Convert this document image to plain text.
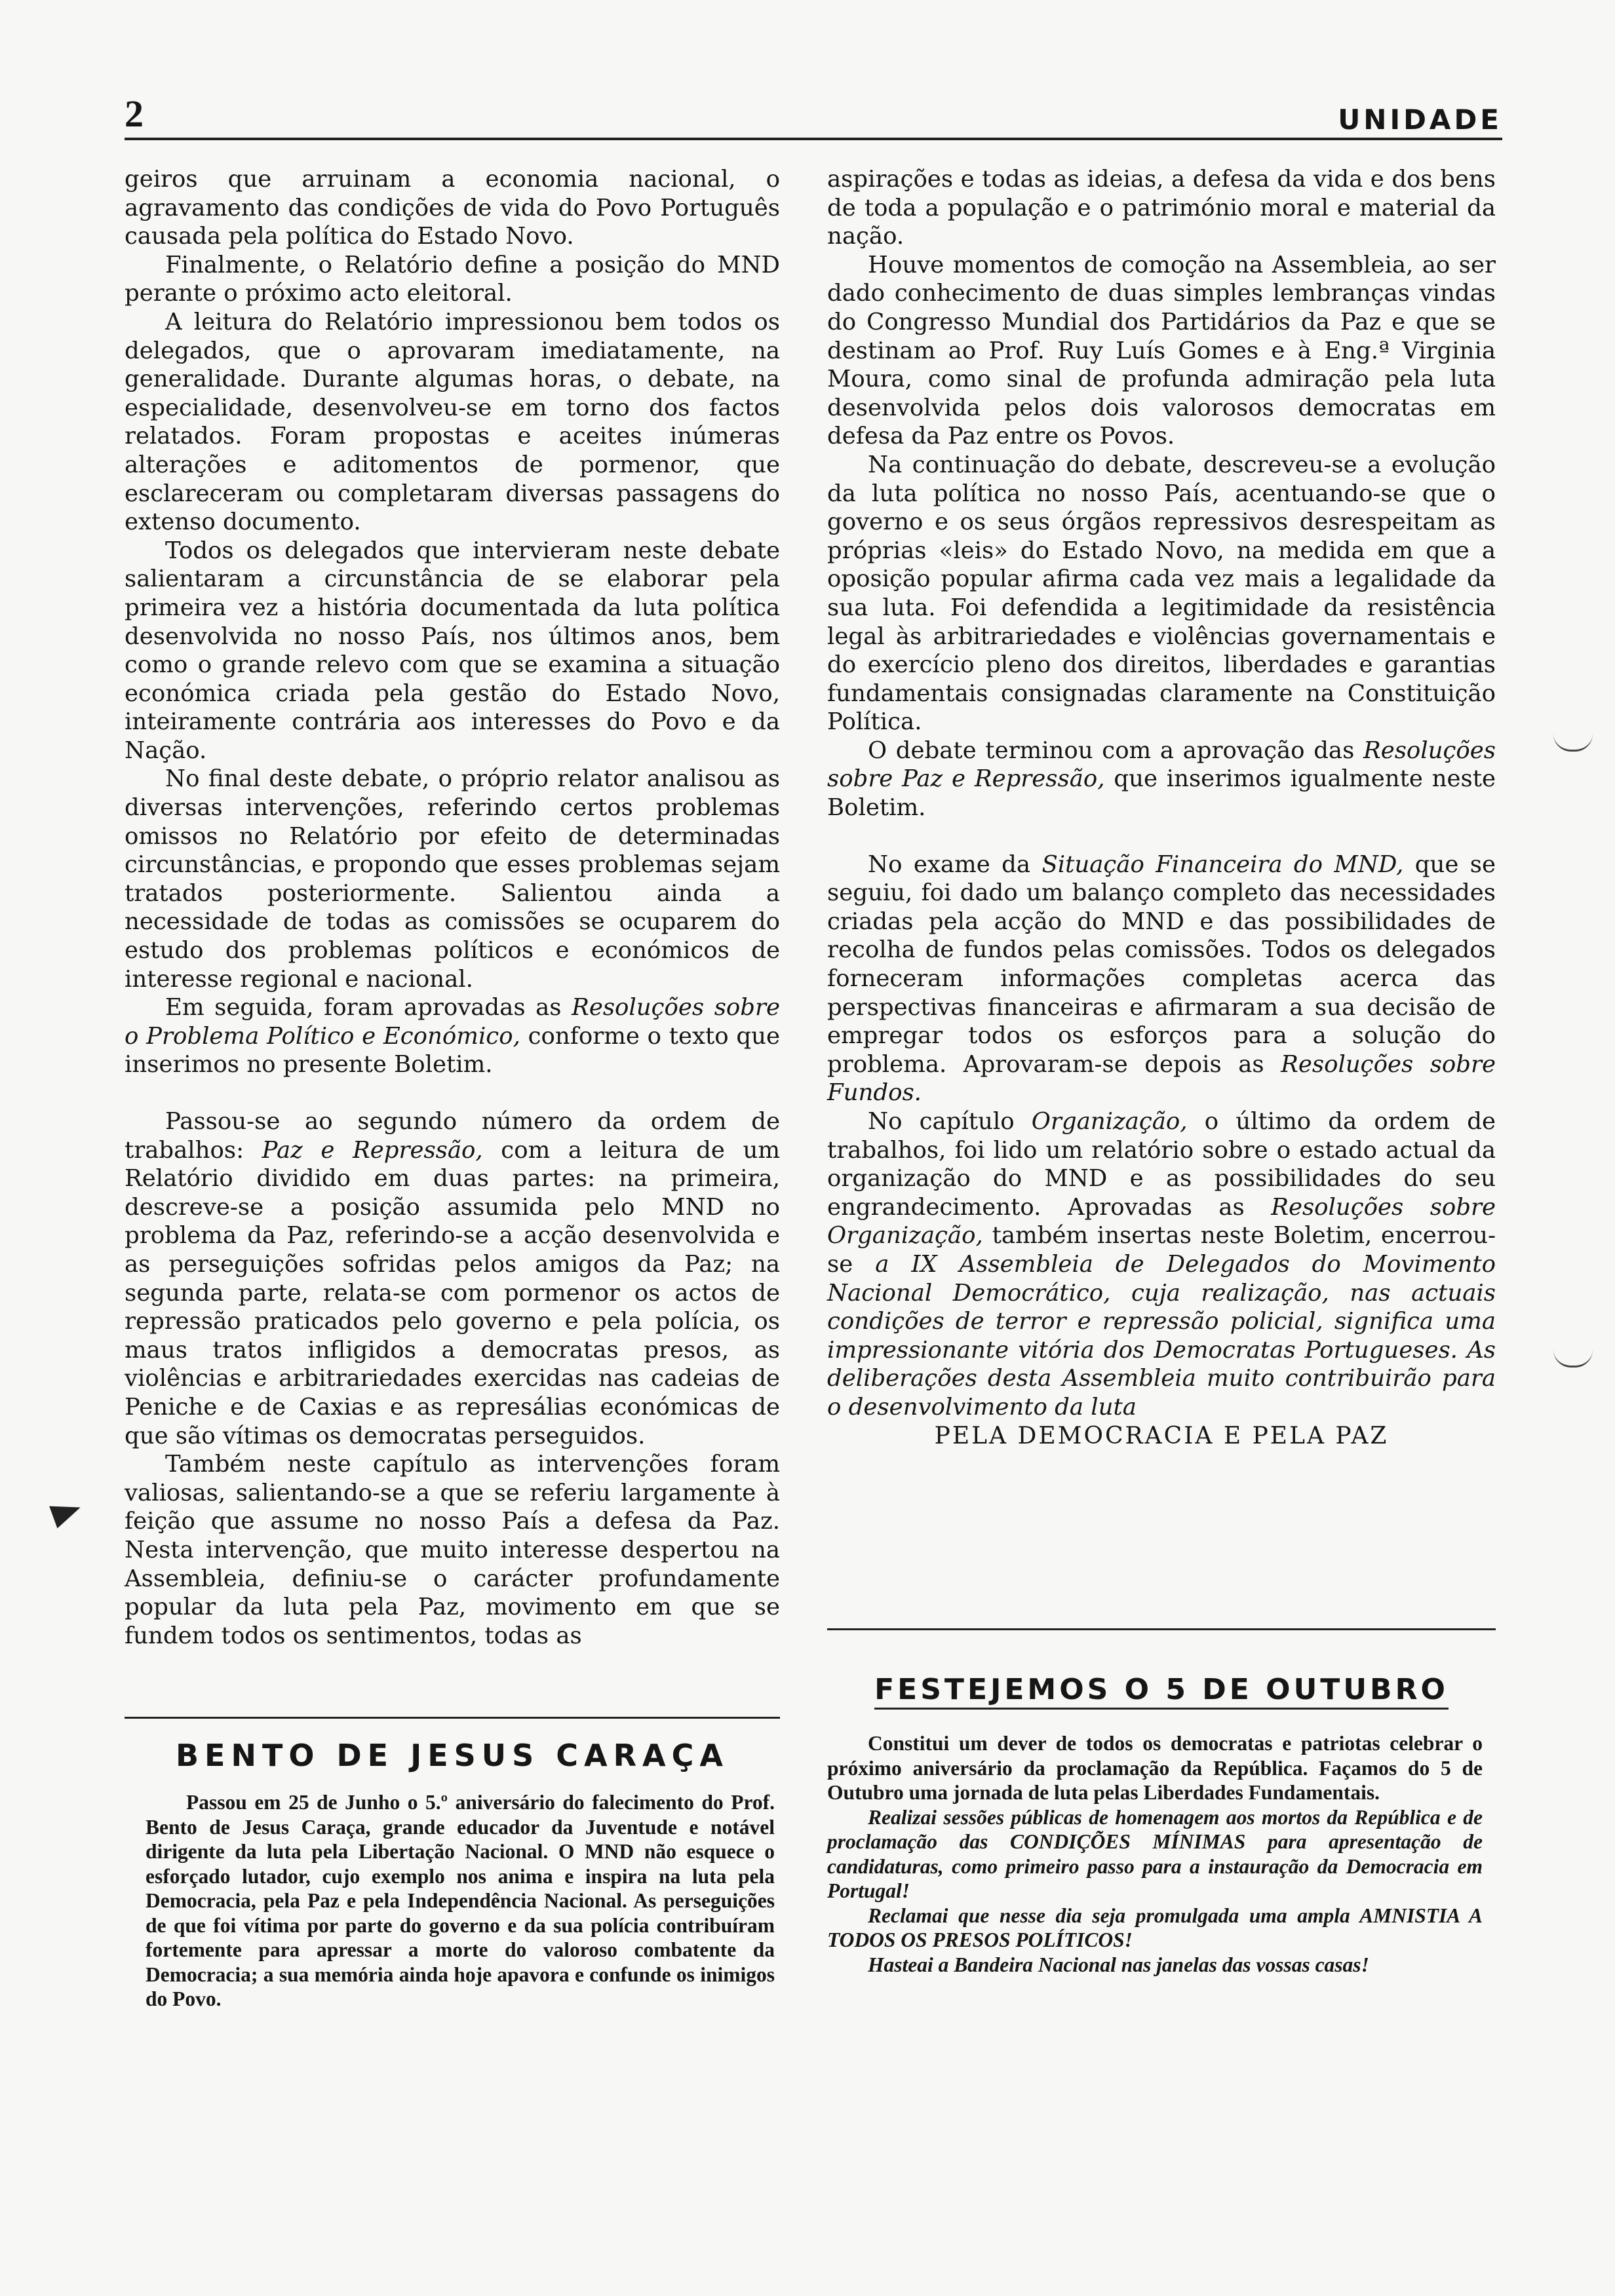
2	UNIDADE

geiros que arruinam a economia nacional, o agravamento das condições de vida do Povo Português causada pela política do Estado Novo.

Finalmente, o Relatório define a posição do MND perante o próximo acto eleitoral.

A leitura do Relatório impressionou bem todos os delegados, que o aprovaram imediatamente, na generalidade. Durante algumas horas, o debate, na especialidade, desenvolveu-se em torno dos factos relatados. Foram propostas e aceites inúmeras alterações e aditomentos de pormenor, que esclareceram ou completaram diversas passagens do extenso documento.

Todos os delegados que intervieram neste debate salientaram a circunstância de se elaborar pela primeira vez a história documentada da luta política desenvolvida no nosso País, nos últimos anos, bem como o grande relevo com que se examina a situação económica criada pela gestão do Estado Novo, inteiramente contrária aos interesses do Povo e da Nação.

No final deste debate, o próprio relator analisou as diversas intervenções, referindo certos problemas omissos no Relatório por efeito de determinadas circunstâncias, e propondo que esses problemas sejam tratados posteriormente. Salientou ainda a necessidade de todas as comissões se ocuparem do estudo dos problemas políticos e económicos de interesse regional e nacional.

Em seguida, foram aprovadas as Resoluções sobre o Problema Político e Económico, conforme o texto que inserimos no presente Boletim.

Passou-se ao segundo número da ordem de trabalhos: Paz e Repressão, com a leitura de um Relatório dividido em duas partes: na primeira, descreve-se a posição assumida pelo MND no problema da Paz, referindo-se a acção desenvolvida e as perseguições sofridas pelos amigos da Paz; na segunda parte, relata-se com pormenor os actos de repressão praticados pelo governo e pela polícia, os maus tratos infligidos a democratas presos, as violências e arbitrariedades exercidas nas cadeias de Peniche e de Caxias e as represálias económicas de que são vítimas os democratas perseguidos.

Também neste capítulo as intervenções foram valiosas, salientando-se a que se referiu largamente à feição que assume no nosso País a defesa da Paz. Nesta intervenção, que muito interesse despertou na Assembleia, definiu-se o carácter profundamente popular da luta pela Paz, movimento em que se fundem todos os sentimentos, todas as

aspirações e todas as ideias, a defesa da vida e dos bens de toda a população e o património moral e material da nação.

Houve momentos de comoção na Assembleia, ao ser dado conhecimento de duas simples lembranças vindas do Congresso Mundial dos Partidários da Paz e que se destinam ao Prof. Ruy Luís Gomes e à Eng.ª Virginia Moura, como sinal de profunda admiração pela luta desenvolvida pelos dois valorosos democratas em defesa da Paz entre os Povos.

Na continuação do debate, descreveu-se a evolução da luta política no nosso País, acentuando-se que o governo e os seus órgãos repressivos desrespeitam as próprias «leis» do Estado Novo, na medida em que a oposição popular afirma cada vez mais a legalidade da sua luta. Foi defendida a legitimidade da resistência legal às arbitrariedades e violências governamentais e do exercício pleno dos direitos, liberdades e garantias fundamentais consignadas claramente na Constituição Política.

O debate terminou com a aprovação das Resoluções sobre Paz e Repressão, que inserimos igualmente neste Boletim.

No exame da Situação Financeira do MND, que se seguiu, foi dado um balanço completo das necessidades criadas pela acção do MND e das possibilidades de recolha de fundos pelas comissões. Todos os delegados forneceram informações completas acerca das perspectivas financeiras e afirmaram a sua decisão de empregar todos os esforços para a solução do problema. Aprovaram-se depois as Resoluções sobre Fundos.

No capítulo Organização, o último da ordem de trabalhos, foi lido um relatório sobre o estado actual da organização do MND e as possibilidades do seu engrandecimento. Aprovadas as Resoluções sobre Organização, também insertas neste Boletim, encerrou-se a IX Assembleia de Delegados do Movimento Nacional Democrático, cuja realização, nas actuais condições de terror e repressão policial, significa uma impressionante vitória dos Democratas Portugueses. As deliberações desta Assembleia muito contribuirão para o desenvolvimento da luta

PELA DEMOCRACIA E PELA PAZ

BENTO DE JESUS CARAÇA

Passou em 25 de Junho o 5.º aniversário do falecimento do Prof. Bento de Jesus Caraça, grande educador da Juventude e notável dirigente da luta pela Libertação Nacional. O MND não esquece o esforçado lutador, cujo exemplo nos anima e inspira na luta pela Democracia, pela Paz e pela Independência Nacional. As perseguições de que foi vítima por parte do governo e da sua polícia contribuíram fortemente para apressar a morte do valoroso combatente da Democracia; a sua memória ainda hoje apavora e confunde os inimigos do Povo.

FESTEJEMOS O 5 DE OUTUBRO

Constitui um dever de todos os democratas e patriotas celebrar o próximo aniversário da proclamação da República. Façamos do 5 de Outubro uma jornada de luta pelas Liberdades Fundamentais.

Realizai sessões públicas de homenagem aos mortos da República e de proclamação das CONDIÇÕES MÍNIMAS para apresentação de candidaturas, como primeiro passo para a instauração da Democracia em Portugal!

Reclamai que nesse dia seja promulgada uma ampla AMNISTIA A TODOS OS PRESOS POLÍTICOS!

Hasteai a Bandeira Nacional nas janelas das vossas casas!
